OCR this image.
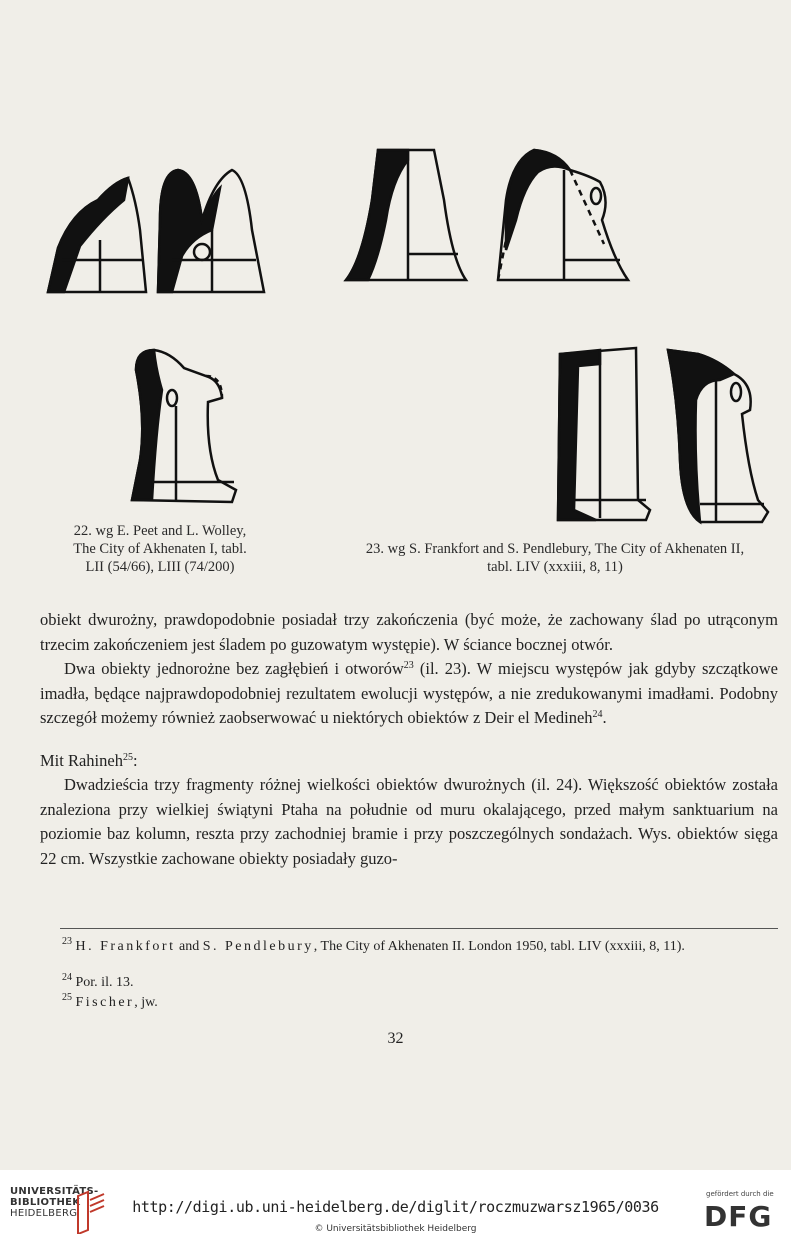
22. wg E. Peet and L. Wolley,
The City of Akhenaten I, tabl.
LII (54/66), LIII (74/200)
23. wg S. Frankfort and S. Pendlebury, The City of Akhenaten II,
tabl. LIV (xxxiii, 8, 11)

obiekt dwurożny, prawdopodobnie posiadał trzy zakończenia (być może, że zachowany ślad po utrąconym trzecim zakończeniem jest śladem po guzowatym występie). W ściance bocznej otwór.

Dwa obiekty jednorożne bez zagłębień i otworów$^{23}$ (il. 23). W miejscu występów jak gdyby szczątkowe imadła, będące najprawdopodobniej rezultatem ewolucji występów, a nie zredukowanymi imadłami. Podobny szczegół możemy również zaobserwować u niektórych obiektów z Deir el Medineh$^{24}$.

Mit Rahineh$^{25}$:

Dwadzieścia trzy fragmenty różnej wielkości obiektów dwurożnych (il. 24). Większość obiektów została znaleziona przy wielkiej świątyni Ptaha na południe od muru okalającego, przed małym sanktuarium na poziomie baz kolumn, reszta przy zachodniej bramie i przy poszczególnych sondażach. Wys. obiektów sięga 22 cm. Wszystkie zachowane obiekty posiadały guzo-

$^{23}$ H. Frankfort and S. Pendlebury, The City of Akhenaten II. London 1950, tabl. LIV (xxxiii, 8, 11).
$^{24}$ Por. il. 13.
$^{25}$ Fischer, jw.
32
UNIVERSITÄTS-
BIBLIOTHEK
HEIDELBERG	http://digi.ub.uni-heidelberg.de/diglit/roczmuzwarsz1965/0036
© Universitätsbibliothek Heidelberg
gefördert durch die
DFG
